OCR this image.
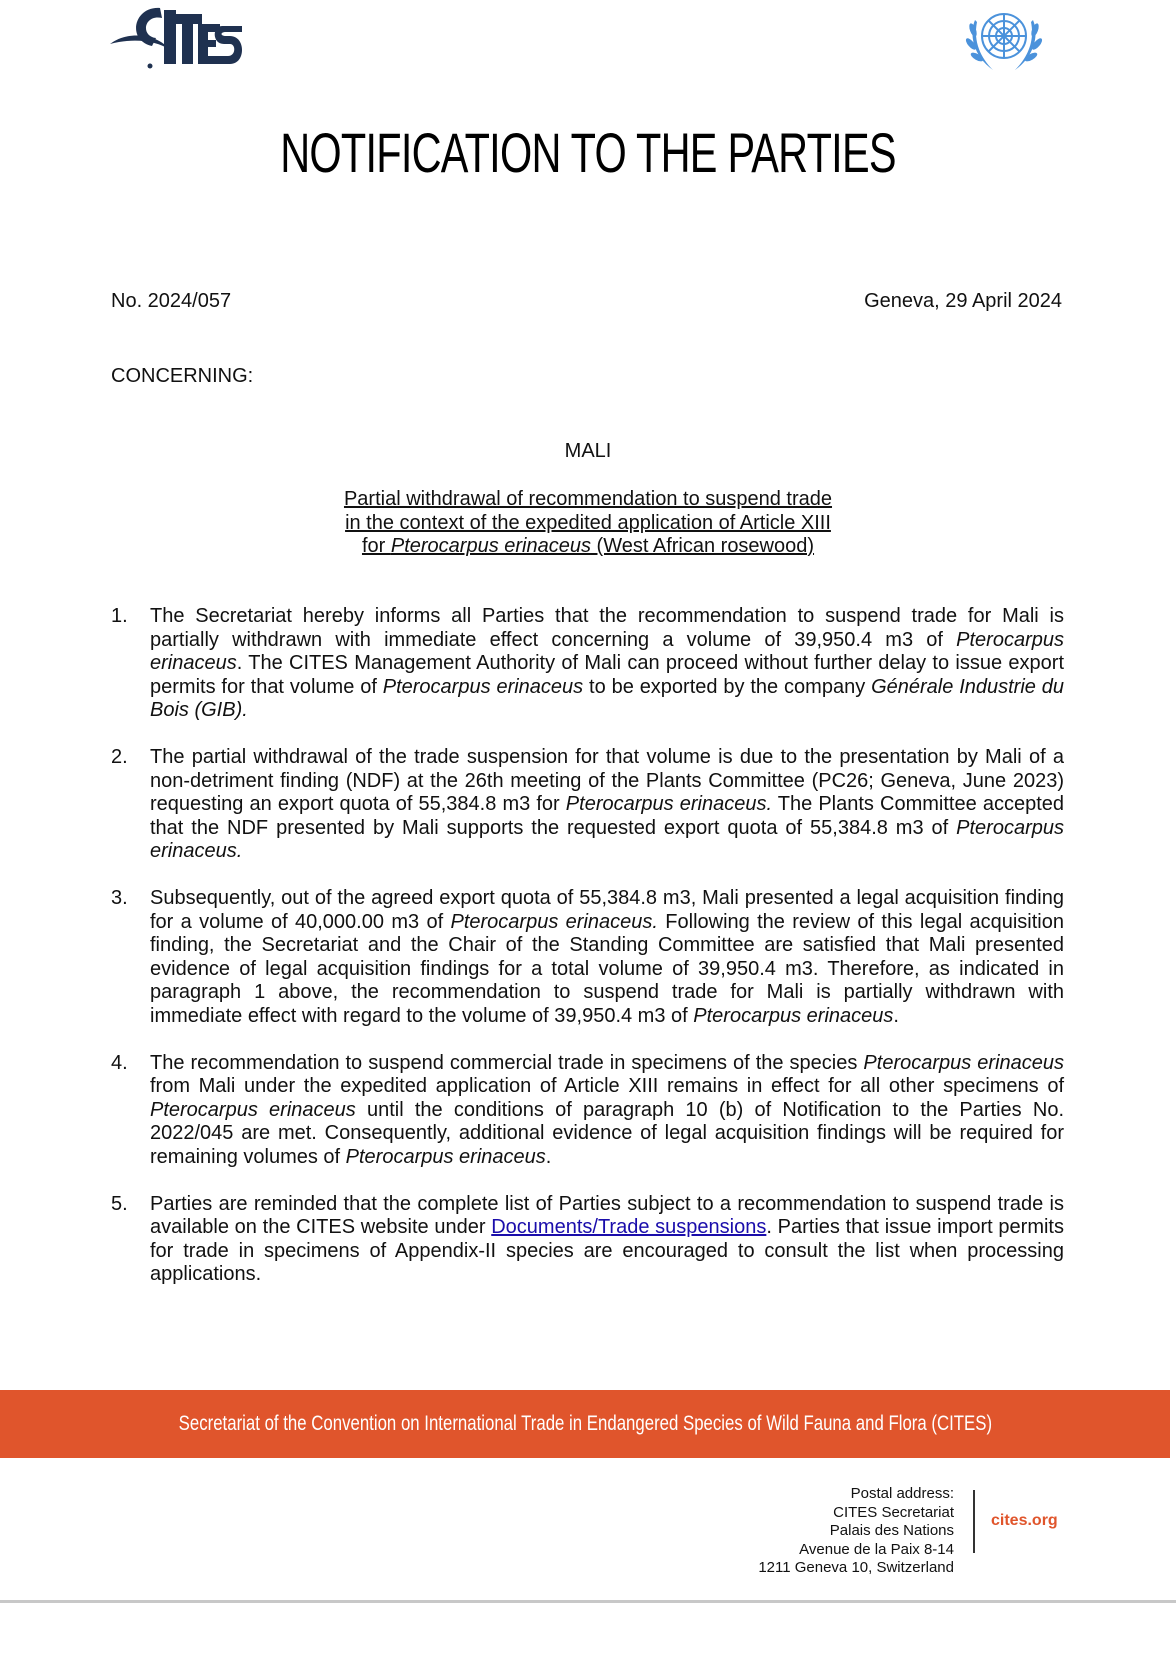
NOTIFICATION TO THE PARTIES
No. 2024/057	Geneva, 29 April 2024
CONCERNING:
MALI
Partial withdrawal of recommendation to suspend trade
in the context of the expedited application of Article XIII
for Pterocarpus erinaceus (West African rosewood)
1. The Secretariat hereby informs all Parties that the recommendation to suspend trade for Mali is partially withdrawn with immediate effect concerning a volume of 39,950.4 m3 of Pterocarpus erinaceus. The CITES Management Authority of Mali can proceed without further delay to issue export permits for that volume of Pterocarpus erinaceus to be exported by the company Générale Industrie du Bois (GIB).
2. The partial withdrawal of the trade suspension for that volume is due to the presentation by Mali of a non-detriment finding (NDF) at the 26th meeting of the Plants Committee (PC26; Geneva, June 2023) requesting an export quota of 55,384.8 m3 for Pterocarpus erinaceus. The Plants Committee accepted that the NDF presented by Mali supports the requested export quota of 55,384.8 m3 of Pterocarpus erinaceus.
3. Subsequently, out of the agreed export quota of 55,384.8 m3, Mali presented a legal acquisition finding for a volume of 40,000.00 m3 of Pterocarpus erinaceus. Following the review of this legal acquisition finding, the Secretariat and the Chair of the Standing Committee are satisfied that Mali presented evidence of legal acquisition findings for a total volume of 39,950.4 m3. Therefore, as indicated in paragraph 1 above, the recommendation to suspend trade for Mali is partially withdrawn with immediate effect with regard to the volume of 39,950.4 m3 of Pterocarpus erinaceus.
4. The recommendation to suspend commercial trade in specimens of the species Pterocarpus erinaceus from Mali under the expedited application of Article XIII remains in effect for all other specimens of Pterocarpus erinaceus until the conditions of paragraph 10 (b) of Notification to the Parties No. 2022/045 are met. Consequently, additional evidence of legal acquisition findings will be required for remaining volumes of Pterocarpus erinaceus.
5. Parties are reminded that the complete list of Parties subject to a recommendation to suspend trade is available on the CITES website under Documents/Trade suspensions. Parties that issue import permits for trade in specimens of Appendix-II species are encouraged to consult the list when processing applications.
Secretariat of the Convention on International Trade in Endangered Species of Wild Fauna and Flora (CITES)
Postal address:
CITES Secretariat
Palais des Nations
Avenue de la Paix 8-14
1211 Geneva 10, Switzerland
cites.org
